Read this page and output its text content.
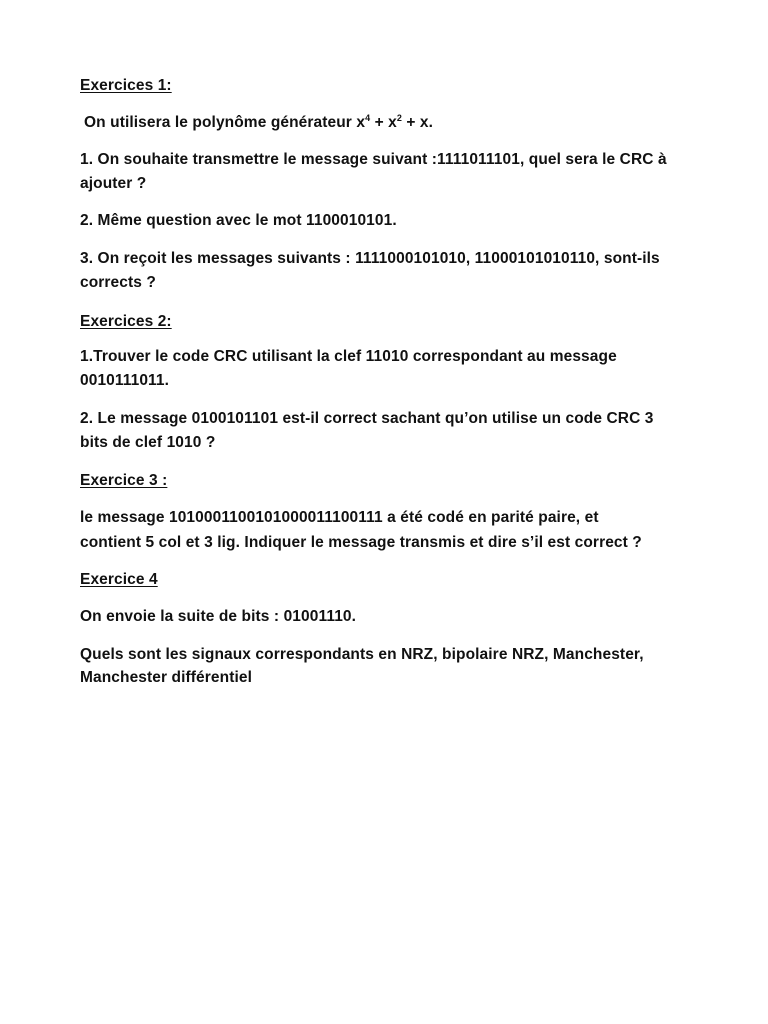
Exercices 1:
On utilisera le polynôme générateur $x^4 + x^2 + x$.
1. On souhaite transmettre le message suivant :1111011101, quel sera le CRC à
ajouter ?
2. Même question avec le mot 1100010101.
3. On reçoit les messages suivants : 1111000101010, 11000101010110, sont-ils
corrects ?
Exercices 2:
1.Trouver le code CRC utilisant la clef 11010 correspondant au message
0010111011.
2. Le message 0100101101 est-il correct sachant qu’on utilise un code CRC 3
bits de clef 1010 ?
Exercice 3 :
le message 1010001100101000011100111 a été codé en parité paire, et
contient 5 col et 3 lig. Indiquer le message transmis et dire s’il est correct ?
Exercice 4
On envoie la suite de bits : 01001110.
Quels sont les signaux correspondants en NRZ, bipolaire NRZ, Manchester,
Manchester différentiel
